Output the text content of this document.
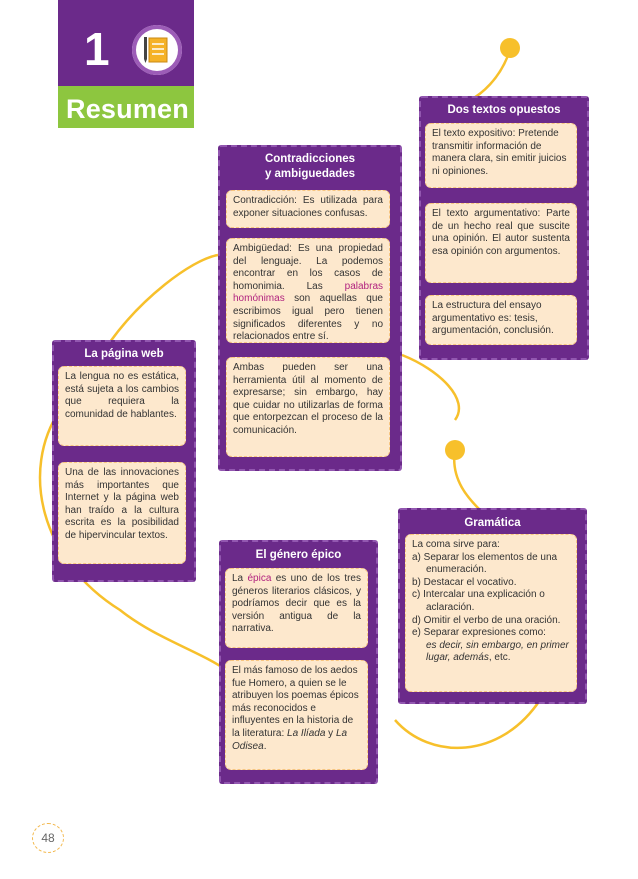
1
Resumen	Dos textos opuestos
El texto expositivo: Pretende transmitir información de manera clara, sin emitir juicios ni opiniones.
El texto argumentativo: Parte de un hecho real que suscite una opinión. El autor sustenta esa opinión con argumentos.
La estructura del ensayo argumentativo es: tesis, argumentación, conclusión.
Contradicciones
y ambiguedades
Contradicción: Es utilizada para exponer situaciones confusas.
Ambigüedad: Es una propiedad del lenguaje. La podemos encontrar en los casos de homonimia. Las palabras homónimas son aquellas que escribimos igual pero tienen significados diferentes y no relacionados entre sí.
Ambas pueden ser una herramienta útil al momento de expresarse; sin embargo, hay que cuidar no utilizarlas de forma que entorpezcan el proceso de la comunicación.
La página web
La lengua no es estática, está sujeta a los cambios que requiera la comunidad de hablantes.
Una de las innovaciones más importantes que Internet y la página web han traído a la cultura escrita es la posibilidad de hipervincular textos.
El género épico
La épica es uno de los tres géneros literarios clásicos, y podríamos decir que es la versión antigua de la narrativa.
El más famoso de los aedos fue Homero, a quien se le atribuyen los poemas épicos más reconocidos e influyentes en la historia de la literatura: La Ilíada y La Odisea.
Gramática
La coma sirve para:
a) Separar los elementos de una enumeración.
b) Destacar el vocativo.
c) Intercalar una explicación o aclaración.
d) Omitir el verbo de una oración.
e) Separar expresiones como:
es decir, sin embargo, en primer lugar, además, etc.
48
